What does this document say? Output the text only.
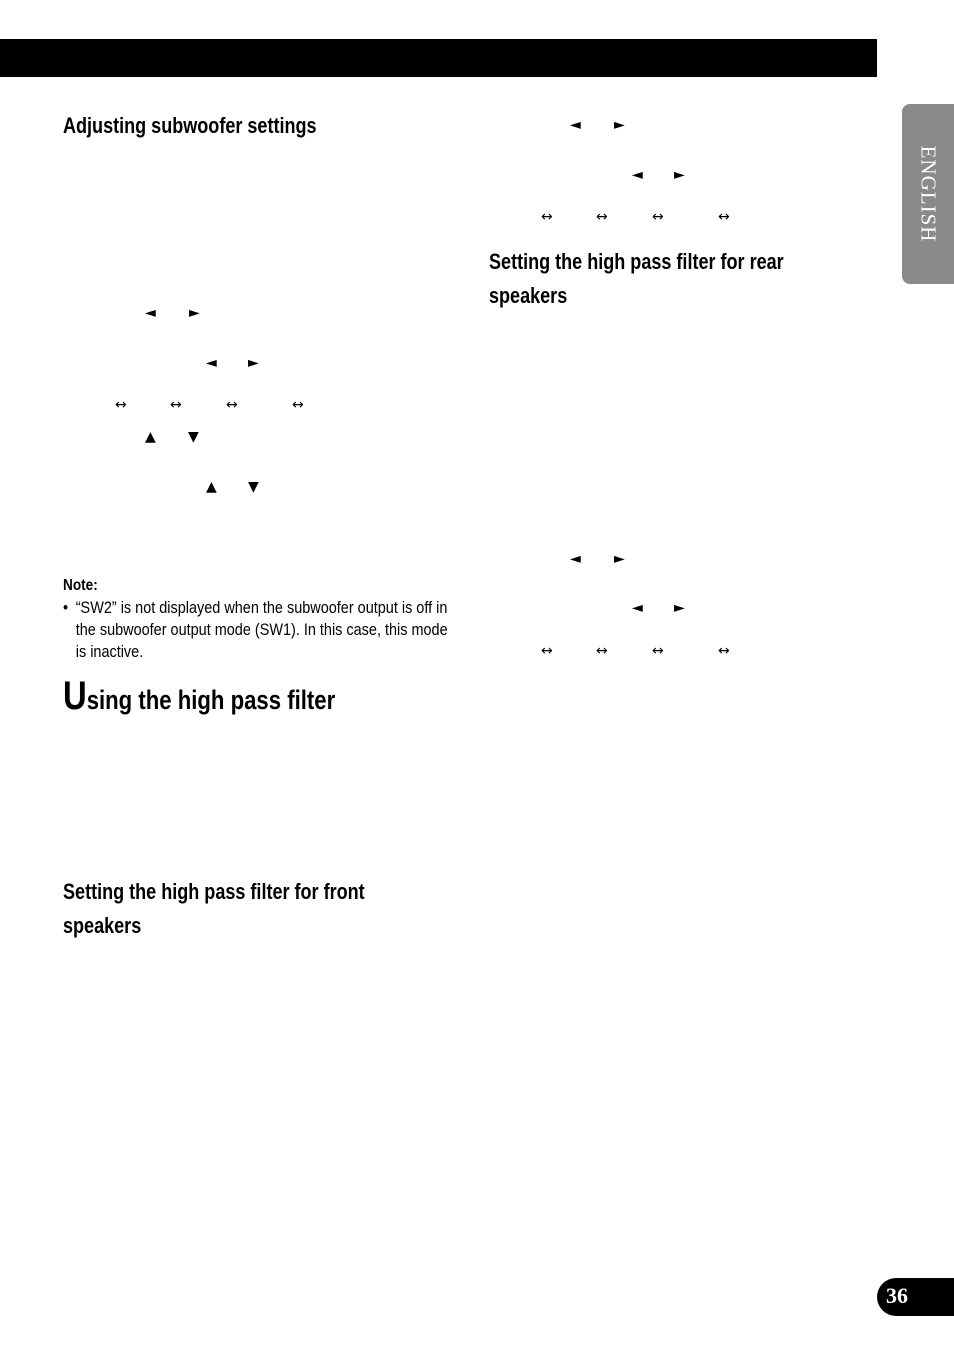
ENGLISH
Adjusting subwoofer settings
◄ ►
◄ ►
↔	↔	↔	↔
▲ ▼
▲ ▼

Note:

• “SW2” is not displayed when the subwoofer output is off in the subwoofer output mode (SW1). In this case, this mode is inactive.
Using the high pass filter
Setting the high pass filter for front
speakers
◄ ►
◄ ►
↔	↔	↔	↔
Setting the high pass filter for rear
speakers
◄ ►
◄ ►
↔	↔	↔	↔
36
